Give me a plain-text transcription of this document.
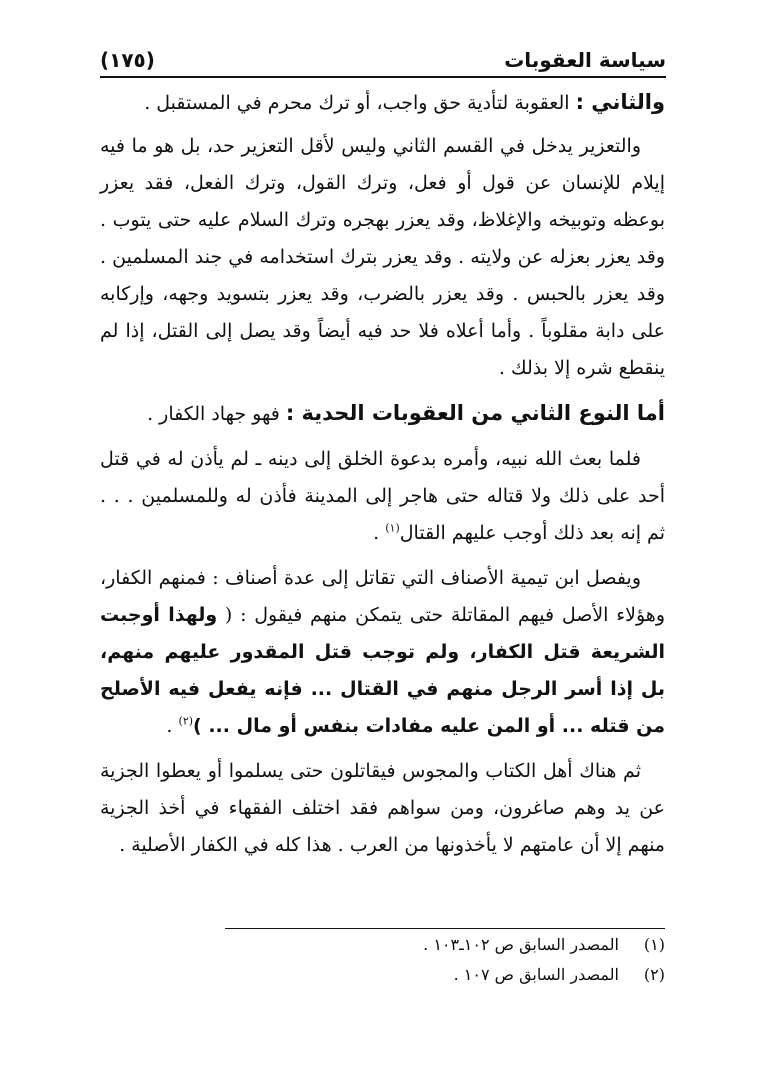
سياسة العقوبات
(١٧٥)

والثاني : العقوبة لتأدية حق واجب، أو ترك محرم في المستقبل .

والتعزير يدخل في القسم الثاني وليس لأقل التعزير حد، بل هو ما فيه إيلام للإنسان عن قول أو فعل، وترك القول، وترك الفعل، فقد يعزر بوعظه وتوبيخه والإغلاظ، وقد يعزر بهجره وترك السلام عليه حتى يتوب . وقد يعزر بعزله عن ولايته . وقد يعزر بترك استخدامه في جند المسلمين . وقد يعزر بالحبس . وقد يعزر بالضرب، وقد يعزر بتسويد وجهه، وإركابه على دابة مقلوباً . وأما أعلاه فلا حد فيه أيضاً وقد يصل إلى القتل، إذا لم ينقطع شره إلا بذلك .

أما النوع الثاني من العقوبات الحدية : فهو جهاد الكفار .

فلما بعث الله نبيه، وأمره بدعوة الخلق إلى دينه ـ لم يأذن له في قتل أحد على ذلك ولا قتاله حتى هاجر إلى المدينة فأذن له وللمسلمين . . . ثم إنه بعد ذلك أوجب عليهم القتال$^{(١)}$ .

ويفصل ابن تيمية الأصناف التي تقاتل إلى عدة أصناف : فمنهم الكفار، وهؤلاء الأصل فيهم المقاتلة حتى يتمكن منهم فيقول : ( ولهذا أوجبت الشريعة قتل الكفار، ولم توجب قتل المقدور عليهم منهم، بل إذا أسر الرجل منهم في القتال ... فإنه يفعل فيه الأصلح من قتله ... أو المن عليه مفادات بنفس أو مال ... )$^{(٢)}$ .

ثم هناك أهل الكتاب والمجوس فيقاتلون حتى يسلموا أو يعطوا الجزية عن يد وهم صاغرون، ومن سواهم فقد اختلف الفقهاء في أخذ الجزية منهم إلا أن عامتهم لا يأخذونها من العرب . هذا كله في الكفار الأصلية .

(١)
المصدر السابق ص ١٠٢ـ١٠٣ .
(٢)
المصدر السابق ص ١٠٧ .
